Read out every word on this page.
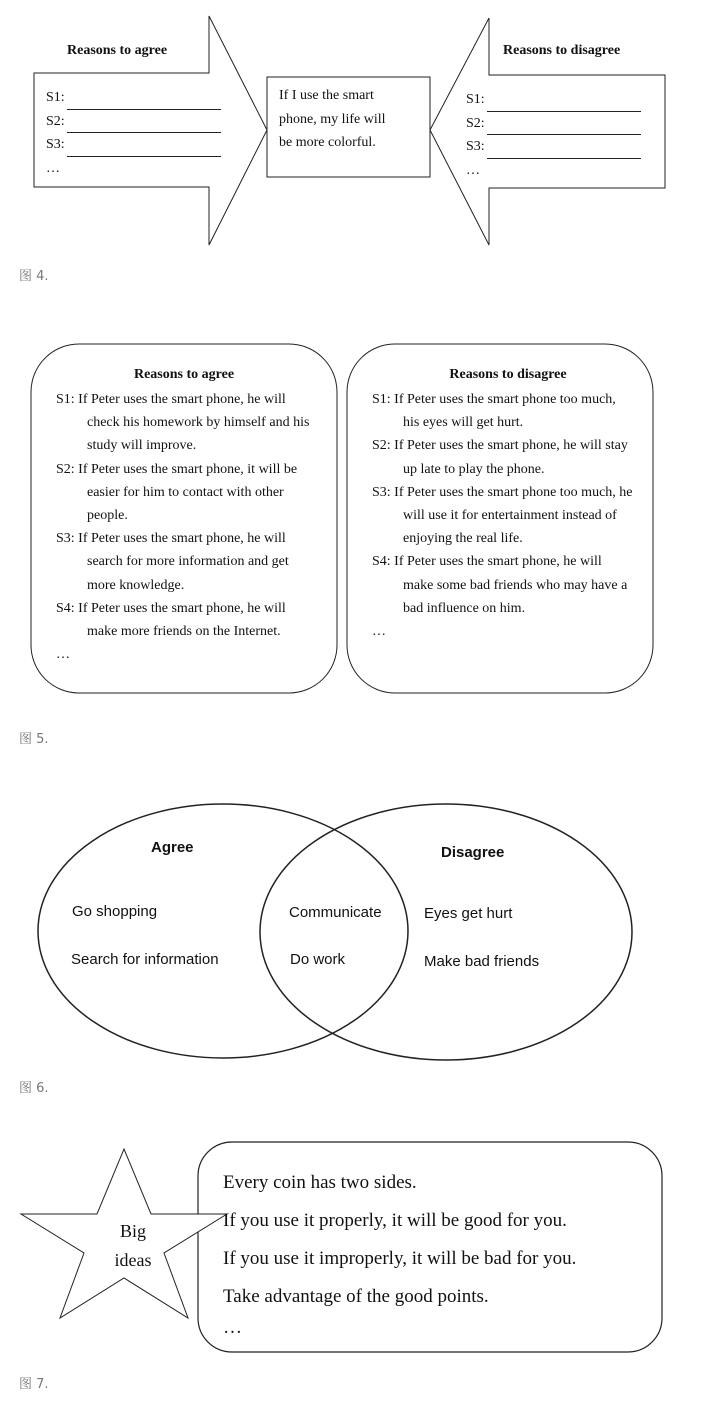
Reasons to agree
S1:
S2:
S3:
…
If I use the smart
phone, my life will
be more colorful.
Reasons to disagree
S1:
S2:
S3:
…
图 4.
Reasons to agree
S1: If Peter uses the smart phone, he will check his homework by himself and his study will improve.
S2: If Peter uses the smart phone, it will be easier for him to contact with other people.
S3: If Peter uses the smart phone, he will search for more information and get more knowledge.
S4: If Peter uses the smart phone, he will make more friends on the Internet.
…
Reasons to disagree
S1: If Peter uses the smart phone too much, his eyes will get hurt.
S2: If Peter uses the smart phone, he will stay up late to play the phone.
S3: If Peter uses the smart phone too much, he will use it for entertainment instead of enjoying the real life.
S4: If Peter uses the smart phone, he will make some bad friends who may have a bad influence on him.
…
图 5.
Agree	Disagree
Go shopping
Search for information
Communicate
Do work
Eyes get hurt
Make bad friends
图 6.
Big
ideas
Every coin has two sides.
If you use it properly, it will be good for you.
If you use it improperly, it will be bad for you.
Take advantage of the good points.
…
图 7.
